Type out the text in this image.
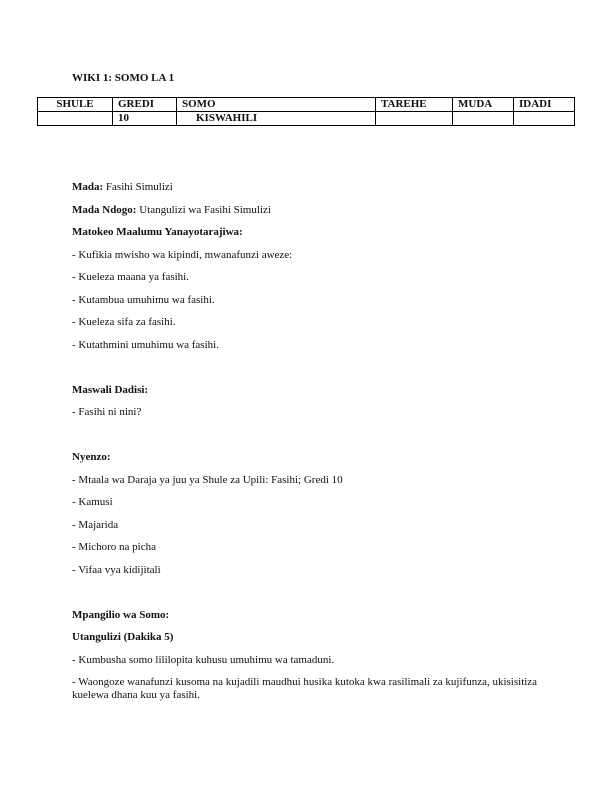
WIKI 1: SOMO LA 1
SHULE	GREDI	SOMO	TAREHE	MUDA	IDADI
	10	KISWAHILI			
Mada: Fasihi Simulizi
Mada Ndogo: Utangulizi wa Fasihi Simulizi
Matokeo Maalumu Yanayotarajiwa:
- Kufikia mwisho wa kipindi, mwanafunzi aweze:
- Kueleza maana ya fasihi.
- Kutambua umuhimu wa fasihi.
- Kueleza sifa za fasihi.
- Kutathmini umuhimu wa fasihi.
Maswali Dadisi:
- Fasihi ni nini?
Nyenzo:
- Mtaala wa Daraja ya juu ya Shule za Upili: Fasihi; Gredi 10
- Kamusi
- Majarida
- Michoro na picha
- Vifaa vya kidijitali
Mpangilio wa Somo:
Utangulizi (Dakika 5)
- Kumbusha somo lililopita kuhusu umuhimu wa tamaduni.
- Waongoze wanafunzi kusoma na kujadili maudhui husika kutoka kwa rasilimali za kujifunza, ukisisitiza kuelewa dhana kuu ya fasihi.
